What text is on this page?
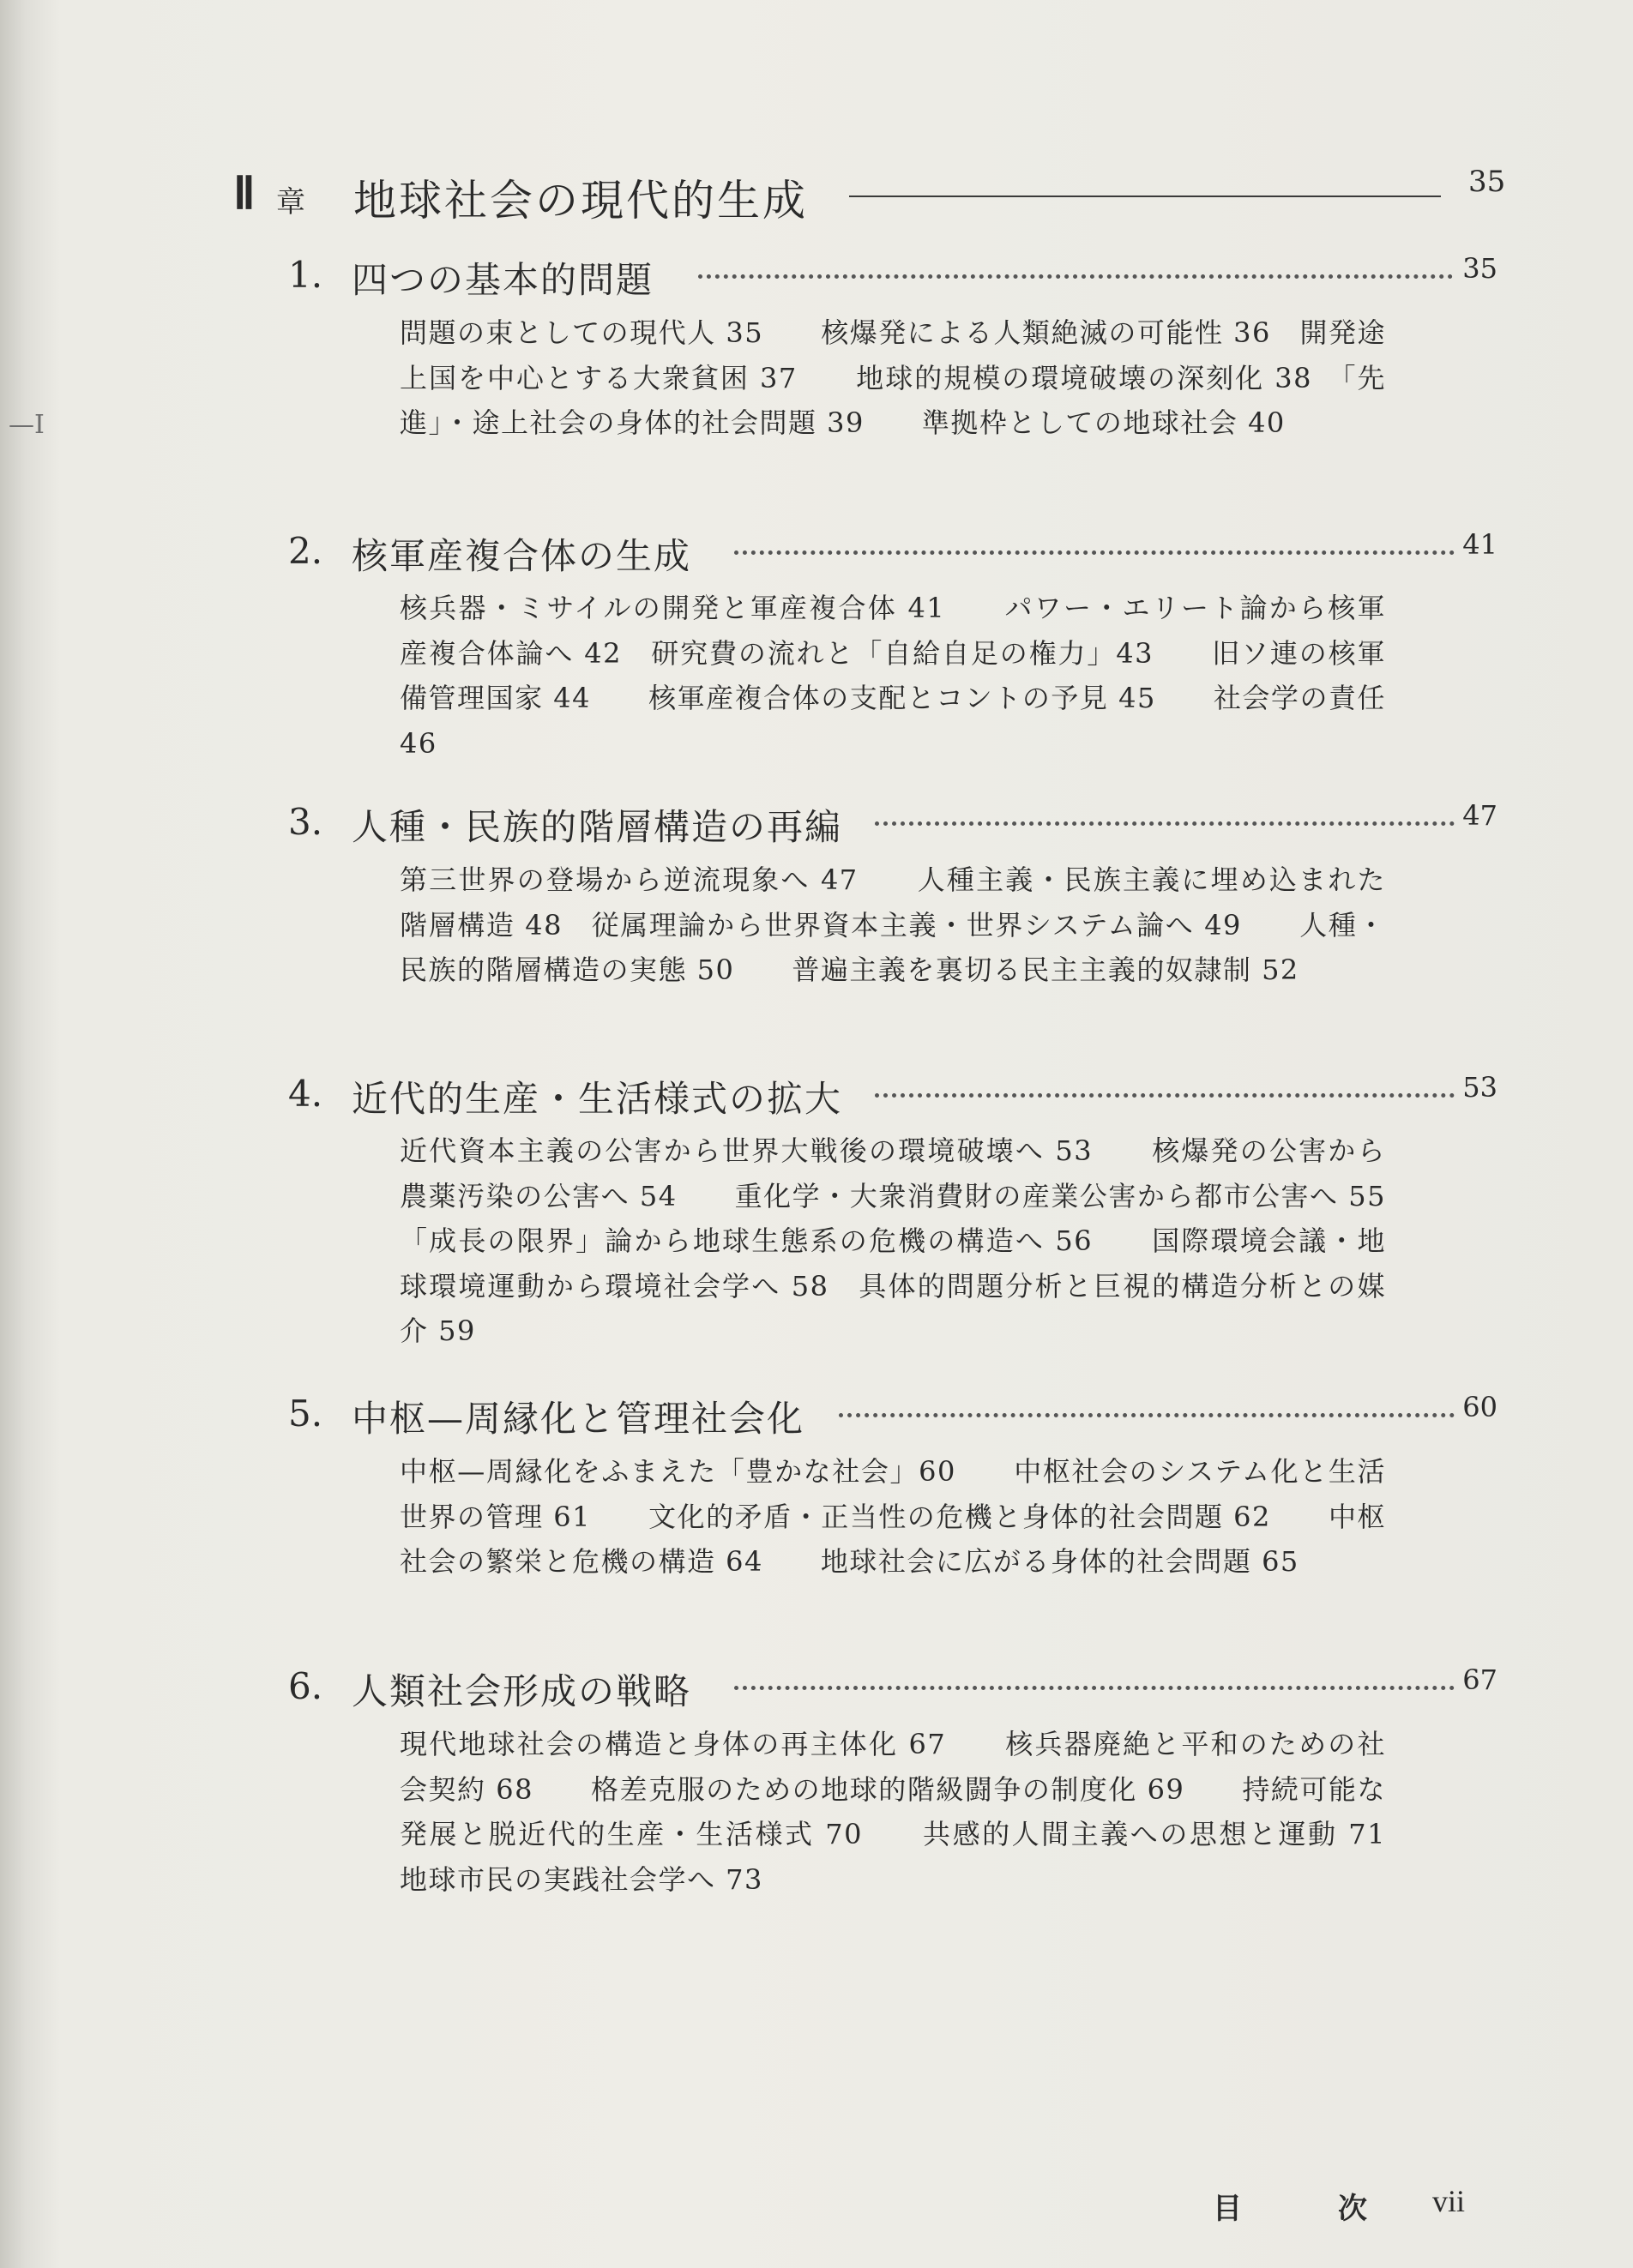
—I
Ⅱ 章 地球社会の現代的生成	35
1. 四つの基本的問題	35
問題の束としての現代人 35　　核爆発による人類絶滅の可能性 36　開発途上国を中心とする大衆貧困 37　　地球的規模の環境破壊の深刻化 38　「先進」・途上社会の身体的社会問題 39　　準拠枠としての地球社会 40
2. 核軍産複合体の生成	41
核兵器・ミサイルの開発と軍産複合体 41　　パワー・エリート論から核軍産複合体論へ 42　研究費の流れと「自給自足の権力」43　　旧ソ連の核軍備管理国家 44　　核軍産複合体の支配とコントの予見 45　　社会学の責任 46
3. 人種・民族的階層構造の再編	47
第三世界の登場から逆流現象へ 47　　人種主義・民族主義に埋め込まれた階層構造 48　従属理論から世界資本主義・世界システム論へ 49　　人種・民族的階層構造の実態 50　　普遍主義を裏切る民主主義的奴隷制 52
4. 近代的生産・生活様式の拡大	53
近代資本主義の公害から世界大戦後の環境破壊へ 53　　核爆発の公害から農薬汚染の公害へ 54　　重化学・大衆消費財の産業公害から都市公害へ 55　「成長の限界」論から地球生態系の危機の構造へ 56　　国際環境会議・地球環境運動から環境社会学へ 58　具体的問題分析と巨視的構造分析との媒介 59
5. 中枢—周縁化と管理社会化	60
中枢—周縁化をふまえた「豊かな社会」60　　中枢社会のシステム化と生活世界の管理 61　　文化的矛盾・正当性の危機と身体的社会問題 62　　中枢社会の繁栄と危機の構造 64　　地球社会に広がる身体的社会問題 65
6. 人類社会形成の戦略	67
現代地球社会の構造と身体の再主体化 67　　核兵器廃絶と平和のための社会契約 68　　格差克服のための地球的階級闘争の制度化 69　　持続可能な発展と脱近代的生産・生活様式 70　　共感的人間主義への思想と運動 71　　地球市民の実践社会学へ 73
目	次 vii
